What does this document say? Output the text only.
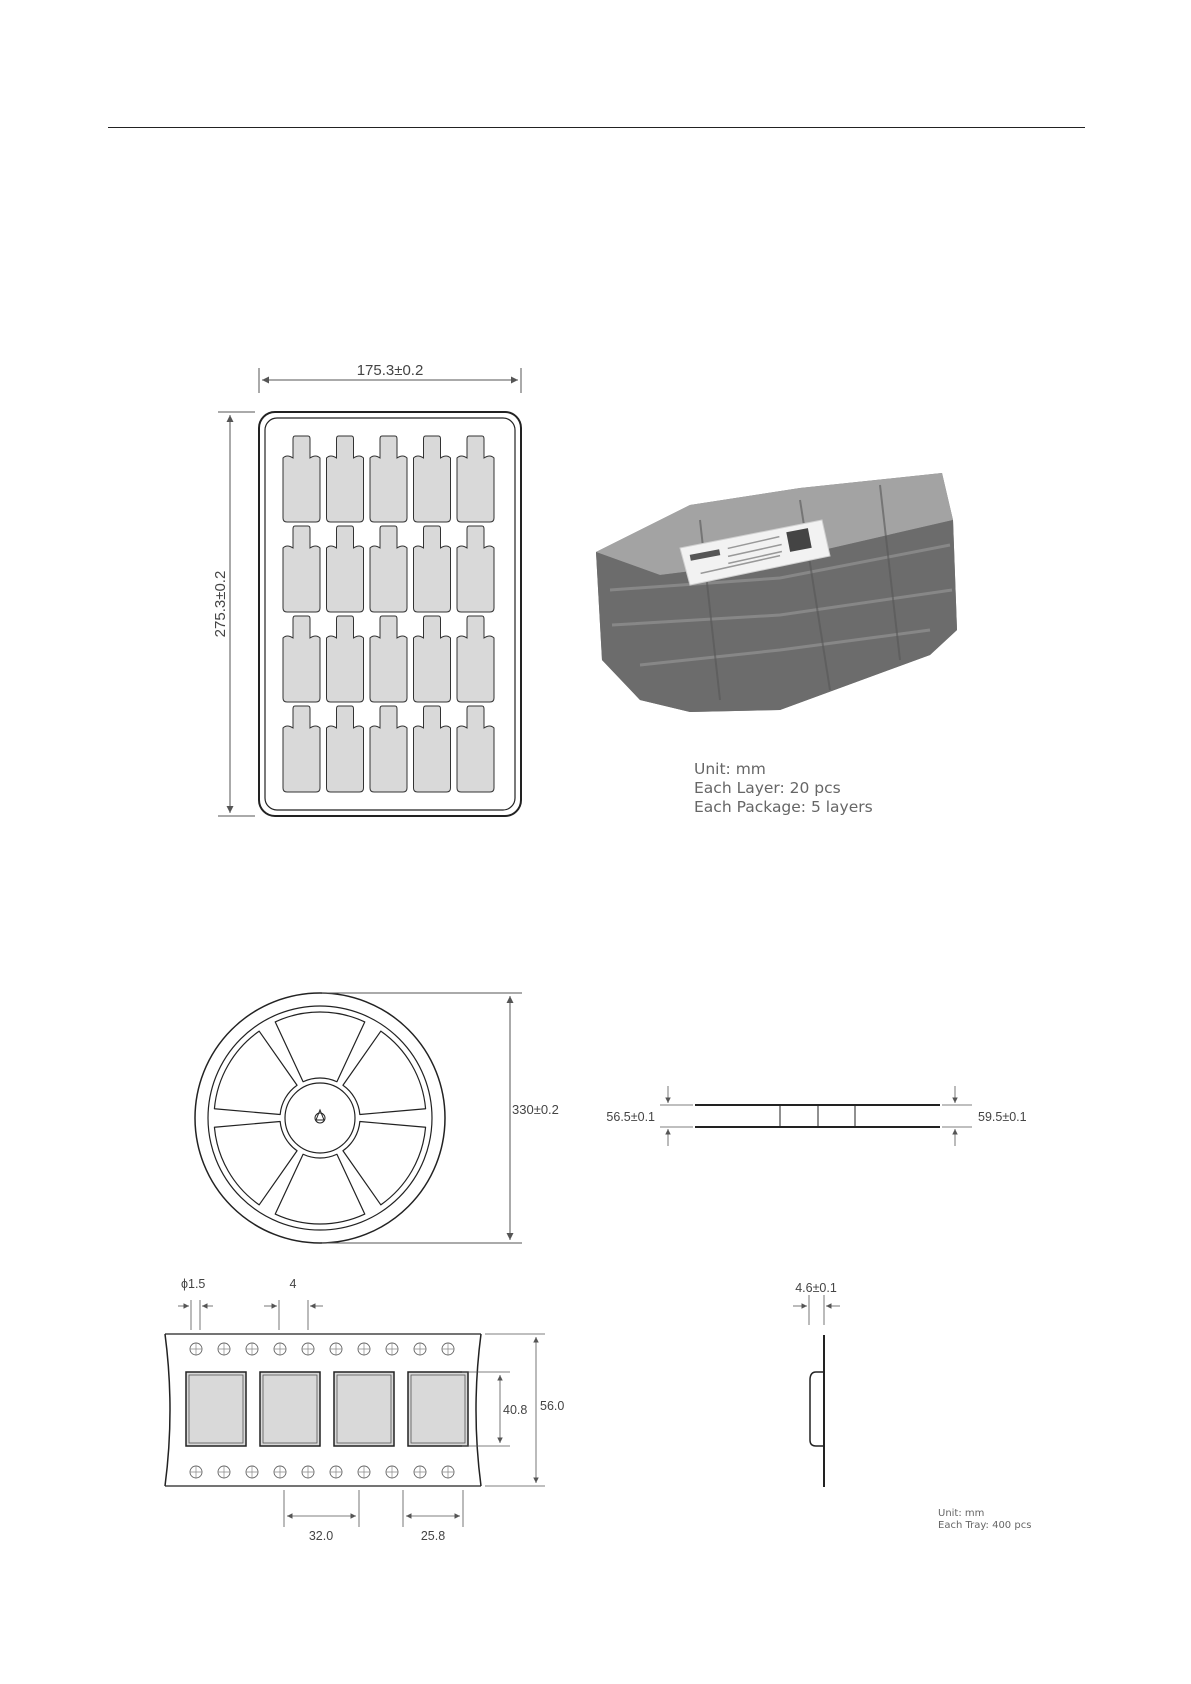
175.3±0.2
275.3±0.2
330±0.2	56.5±0.1	59.5±0.1
ϕ1.5	4
40.8 56.0
32.0	25.8
4.6±0.1
Unit: mm
Each Layer: 20 pcs
Each Package: 5 layers
Unit: mm
Each Tray: 400 pcs
